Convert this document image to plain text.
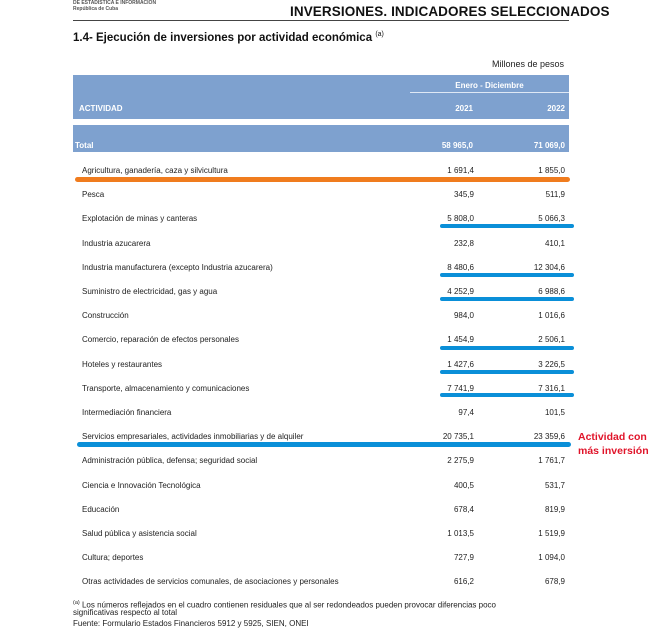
DE ESTADÍSTICA E INFORMACIÓN
República de Cuba	INVERSIONES. INDICADORES SELECCIONADOS
1.4- Ejecución de inversiones por actividad económica $^{(a)}$
Millones de pesos
Enero - Diciembre
ACTIVIDAD	2021	2022
Total	58 965,0	71 069,0
Agricultura, ganadería, caza y silvicultura	1 691,4	1 855,0
Pesca	345,9	511,9
Explotación de minas y canteras	5 808,0	5 066,3
Industria azucarera	232,8	410,1
Industria manufacturera (excepto Industria azucarera)	8 480,6	12 304,6
Suministro de electricidad, gas y agua	4 252,9	6 988,6
Construcción	984,0	1 016,6
Comercio, reparación de efectos personales	1 454,9	2 506,1
Hoteles y restaurantes	1 427,6	3 226,5
Transporte, almacenamiento y comunicaciones	7 741,9	7 316,1
Intermediación financiera	97,4	101,5
Servicios empresariales, actividades inmobiliarias y de alquiler	20 735,1	23 359,6
Administración pública, defensa; seguridad social	2 275,9	1 761,7
Ciencia e Innovación Tecnológica	400,5	531,7
Educación	678,4	819,9
Salud pública y asistencia social	1 013,5	1 519,9
Cultura; deportes	727,9	1 094,0
Otras actividades de servicios comunales, de asociaciones y personales	616,2	678,9
Actividad con
más inversión
$^{(a)}$ Los números reflejados en el cuadro contienen residuales que al ser redondeados pueden provocar diferencias poco
significativas respecto al total
Fuente: Formulario Estados Financieros 5912 y 5925, SIEN, ONEI
